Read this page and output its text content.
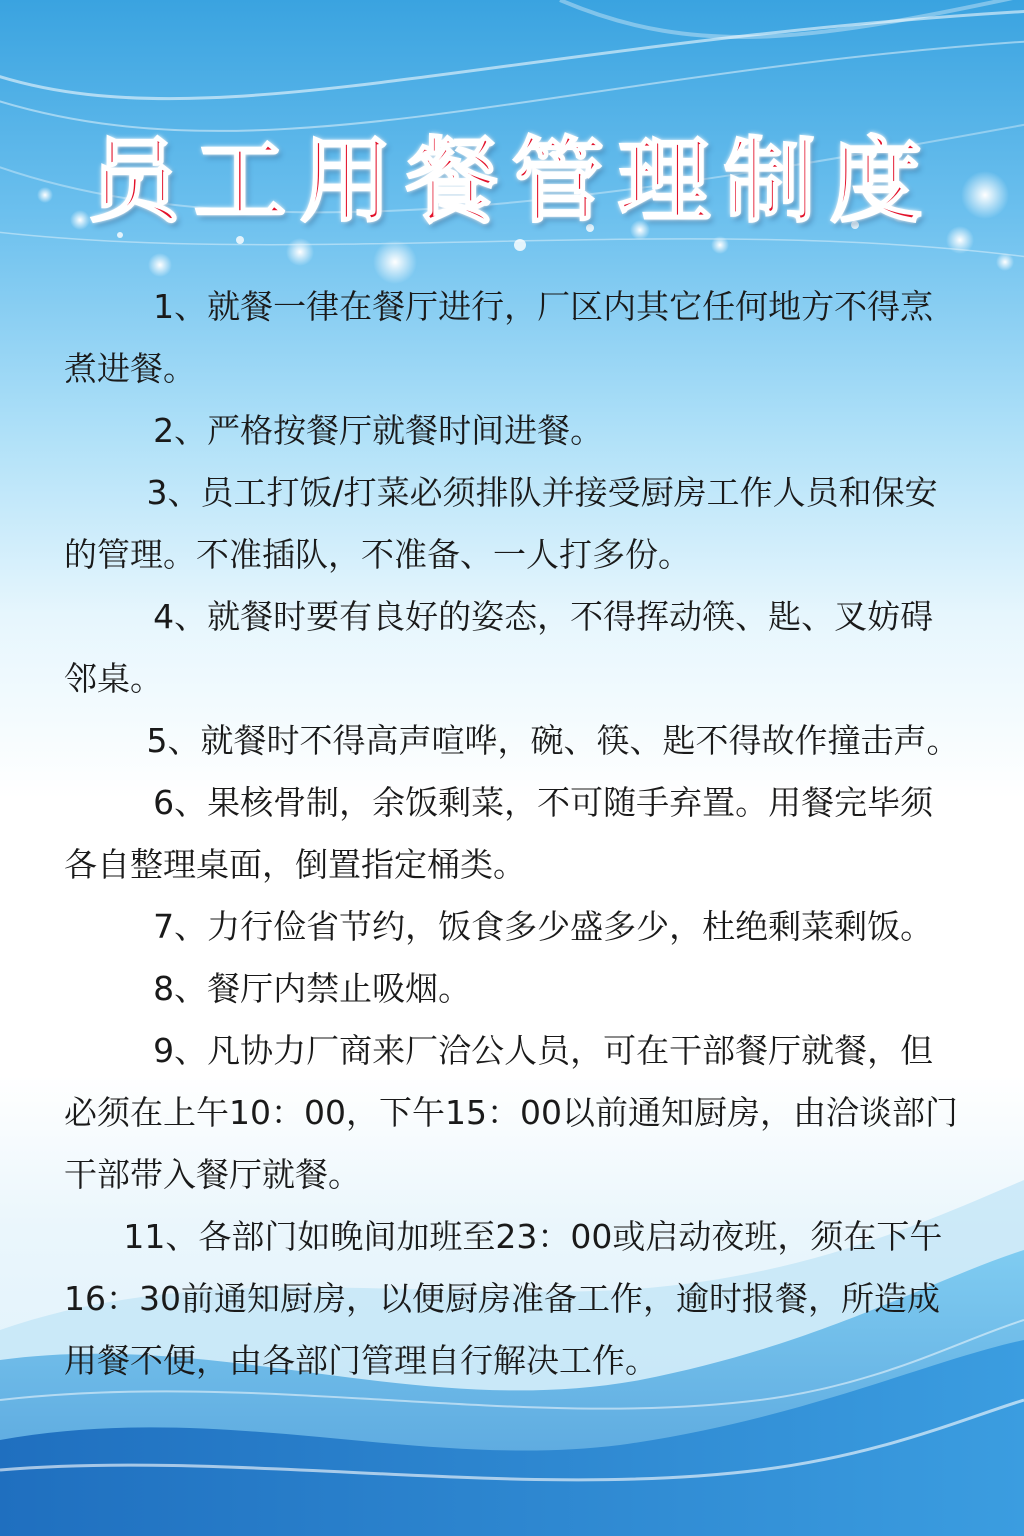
员工用餐管理制度

1、就餐一律在餐厅进行，厂区内其它任何地方不得烹煮进餐。

2、严格按餐厅就餐时间进餐。

3、员工打饭/打菜必须排队并接受厨房工作人员和保安的管理。不准插队，不准备、一人打多份。

4、就餐时要有良好的姿态，不得挥动筷、匙、叉妨碍邻桌。

5、就餐时不得高声喧哗，碗、筷、匙不得故作撞击声。

6、果核骨制，余饭剩菜，不可随手弃置。用餐完毕须各自整理桌面，倒置指定桶类。

7、力行俭省节约，饭食多少盛多少，杜绝剩菜剩饭。

8、餐厅内禁止吸烟。

9、凡协力厂商来厂洽公人员，可在干部餐厅就餐，但必须在上午10：00，下午15：00以前通知厨房，由洽谈部门干部带入餐厅就餐。

11、各部门如晚间加班至23：00或启动夜班，须在下午16：30前通知厨房，以便厨房准备工作，逾时报餐，所造成用餐不便，由各部门管理自行解决工作。
